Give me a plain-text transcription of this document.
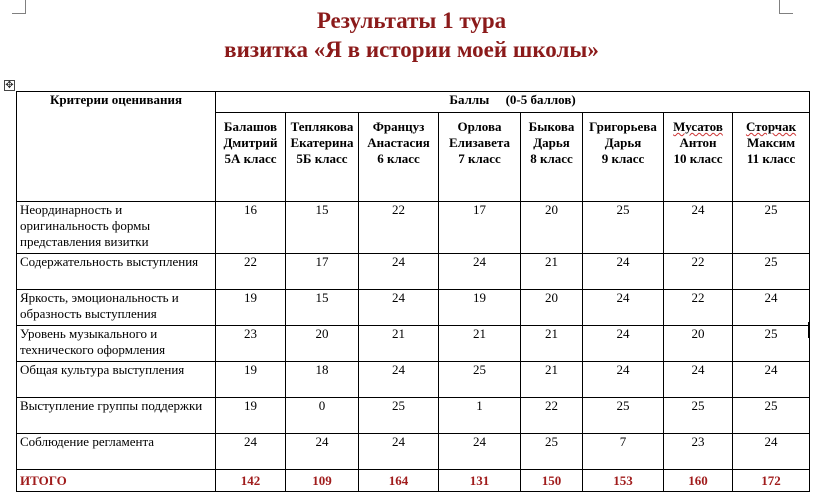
Результаты 1 тура
визитка «Я в истории моей школы»
✥
Критерии оценивания	Баллы     (0-5 баллов)							

	Балашов
Дмитрий
5А класс	Теплякова
Екатерина
5Б класс	Француз
Анастасия
6 класс	Орлова
Елизавета
7 класс	Быкова
Дарья
8 класс	Григорьева
Дарья
9 класс	Мусатов
Антон
10 класс	Сторчак
Максим
11 класс

Неординарность и оригинальность формы представления визитки	16	15	22	17	20	25	24	25
Содержательность выступления	22	17	24	24	21	24	22	25
Яркость, эмоциональность и образность выступления	19	15	24	19	20	24	22	24
Уровень музыкального и технического оформления	23	20	21	21	21	24	20	25
Общая культура выступления	19	18	24	25	21	24	24	24
Выступление группы поддержки	19	0	25	1	22	25	25	25
Соблюдение регламента	24	24	24	24	25	7	23	24
ИТОГО	142	109	164	131	150	153	160	172
